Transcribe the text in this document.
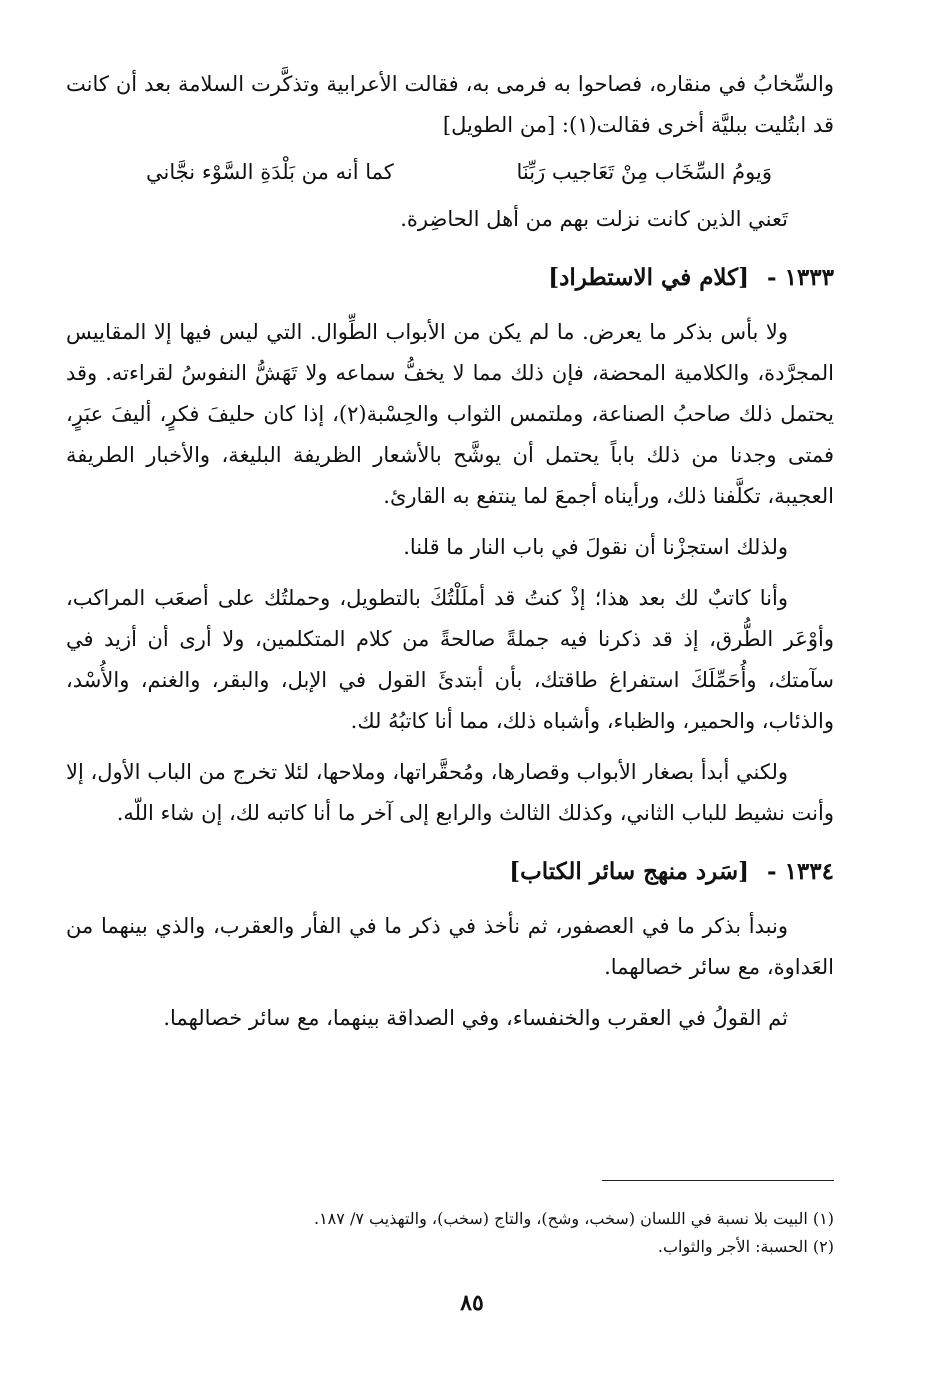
والسِّخابُ في منقاره، فصاحوا به فرمى به، فقالت الأعرابية وتذكَّرت السلامة بعد أن كانت قد ابتُليت ببليَّة أخرى فقالت(١): [من الطويل]

وَيومُ السِّخَاب مِنْ تَعَاجيب رَبِّنَا
كما أنه من بَلْدَةِ السَّوْء نجَّاني

تَعني الذين كانت نزلت بهم من أهل الحاضِرة.

١٣٣٣ - [كلام في الاستطراد]

ولا بأس بذكر ما يعرض. ما لم يكن من الأبواب الطِّوال. التي ليس فيها إلا المقاييس المجرَّدة، والكلامية المحضة، فإن ذلك مما لا يخفُّ سماعه ولا تَهَشُّ النفوسُ لقراءته. وقد يحتمل ذلك صاحبُ الصناعة، وملتمس الثواب والحِسْبة(٢)، إذا كان حليفَ فكرٍ، أليفَ عبَرٍ، فمتى وجدنا من ذلك باباً يحتمل أن يوشَّح بالأشعار الظريفة البليغة، والأخبار الطريفة العجيبة، تكلَّفنا ذلك، ورأيناه أجمعَ لما ينتفع به القارئ.

ولذلك استجزْنا أن نقولَ في باب النار ما قلنا.

وأنا كاتبٌ لك بعد هذا؛ إذْ كنتُ قد أملَلْتُكَ بالتطويل، وحملتُك على أصعَب المراكب، وأوْعَر الطُّرق، إذ قد ذكرنا فيه جملةً صالحةً من كلام المتكلمين، ولا أرى أن أزيد في سآمتك، وأُحَمِّلَكَ استفراغ طاقتك، بأن أبتدئَ القول في الإبل، والبقر، والغنم، والأُسْد، والذئاب، والحمير، والظباء، وأشباه ذلك، مما أنا كاتبُهُ لك.

ولكني أبدأ بصغار الأبواب وقصارها، ومُحقَّراتها، وملاحها، لئلا تخرج من الباب الأول، إلا وأنت نشيط للباب الثاني، وكذلك الثالث والرابع إلى آخر ما أنا كاتبه لك، إن شاء اللّه.

١٣٣٤ - [سَرد منهج سائر الكتاب]

ونبدأ بذكر ما في العصفور، ثم نأخذ في ذكر ما في الفأر والعقرب، والذي بينهما من العَداوة، مع سائر خصالهما.

ثم القولُ في العقرب والخنفساء، وفي الصداقة بينهما، مع سائر خصالهما.

(١) البيت بلا نسبة في اللسان (سخب، وشح)، والتاج (سخب)، والتهذيب ٧/ ١٨٧.

(٢) الحسبة: الأجر والثواب.

٨٥
